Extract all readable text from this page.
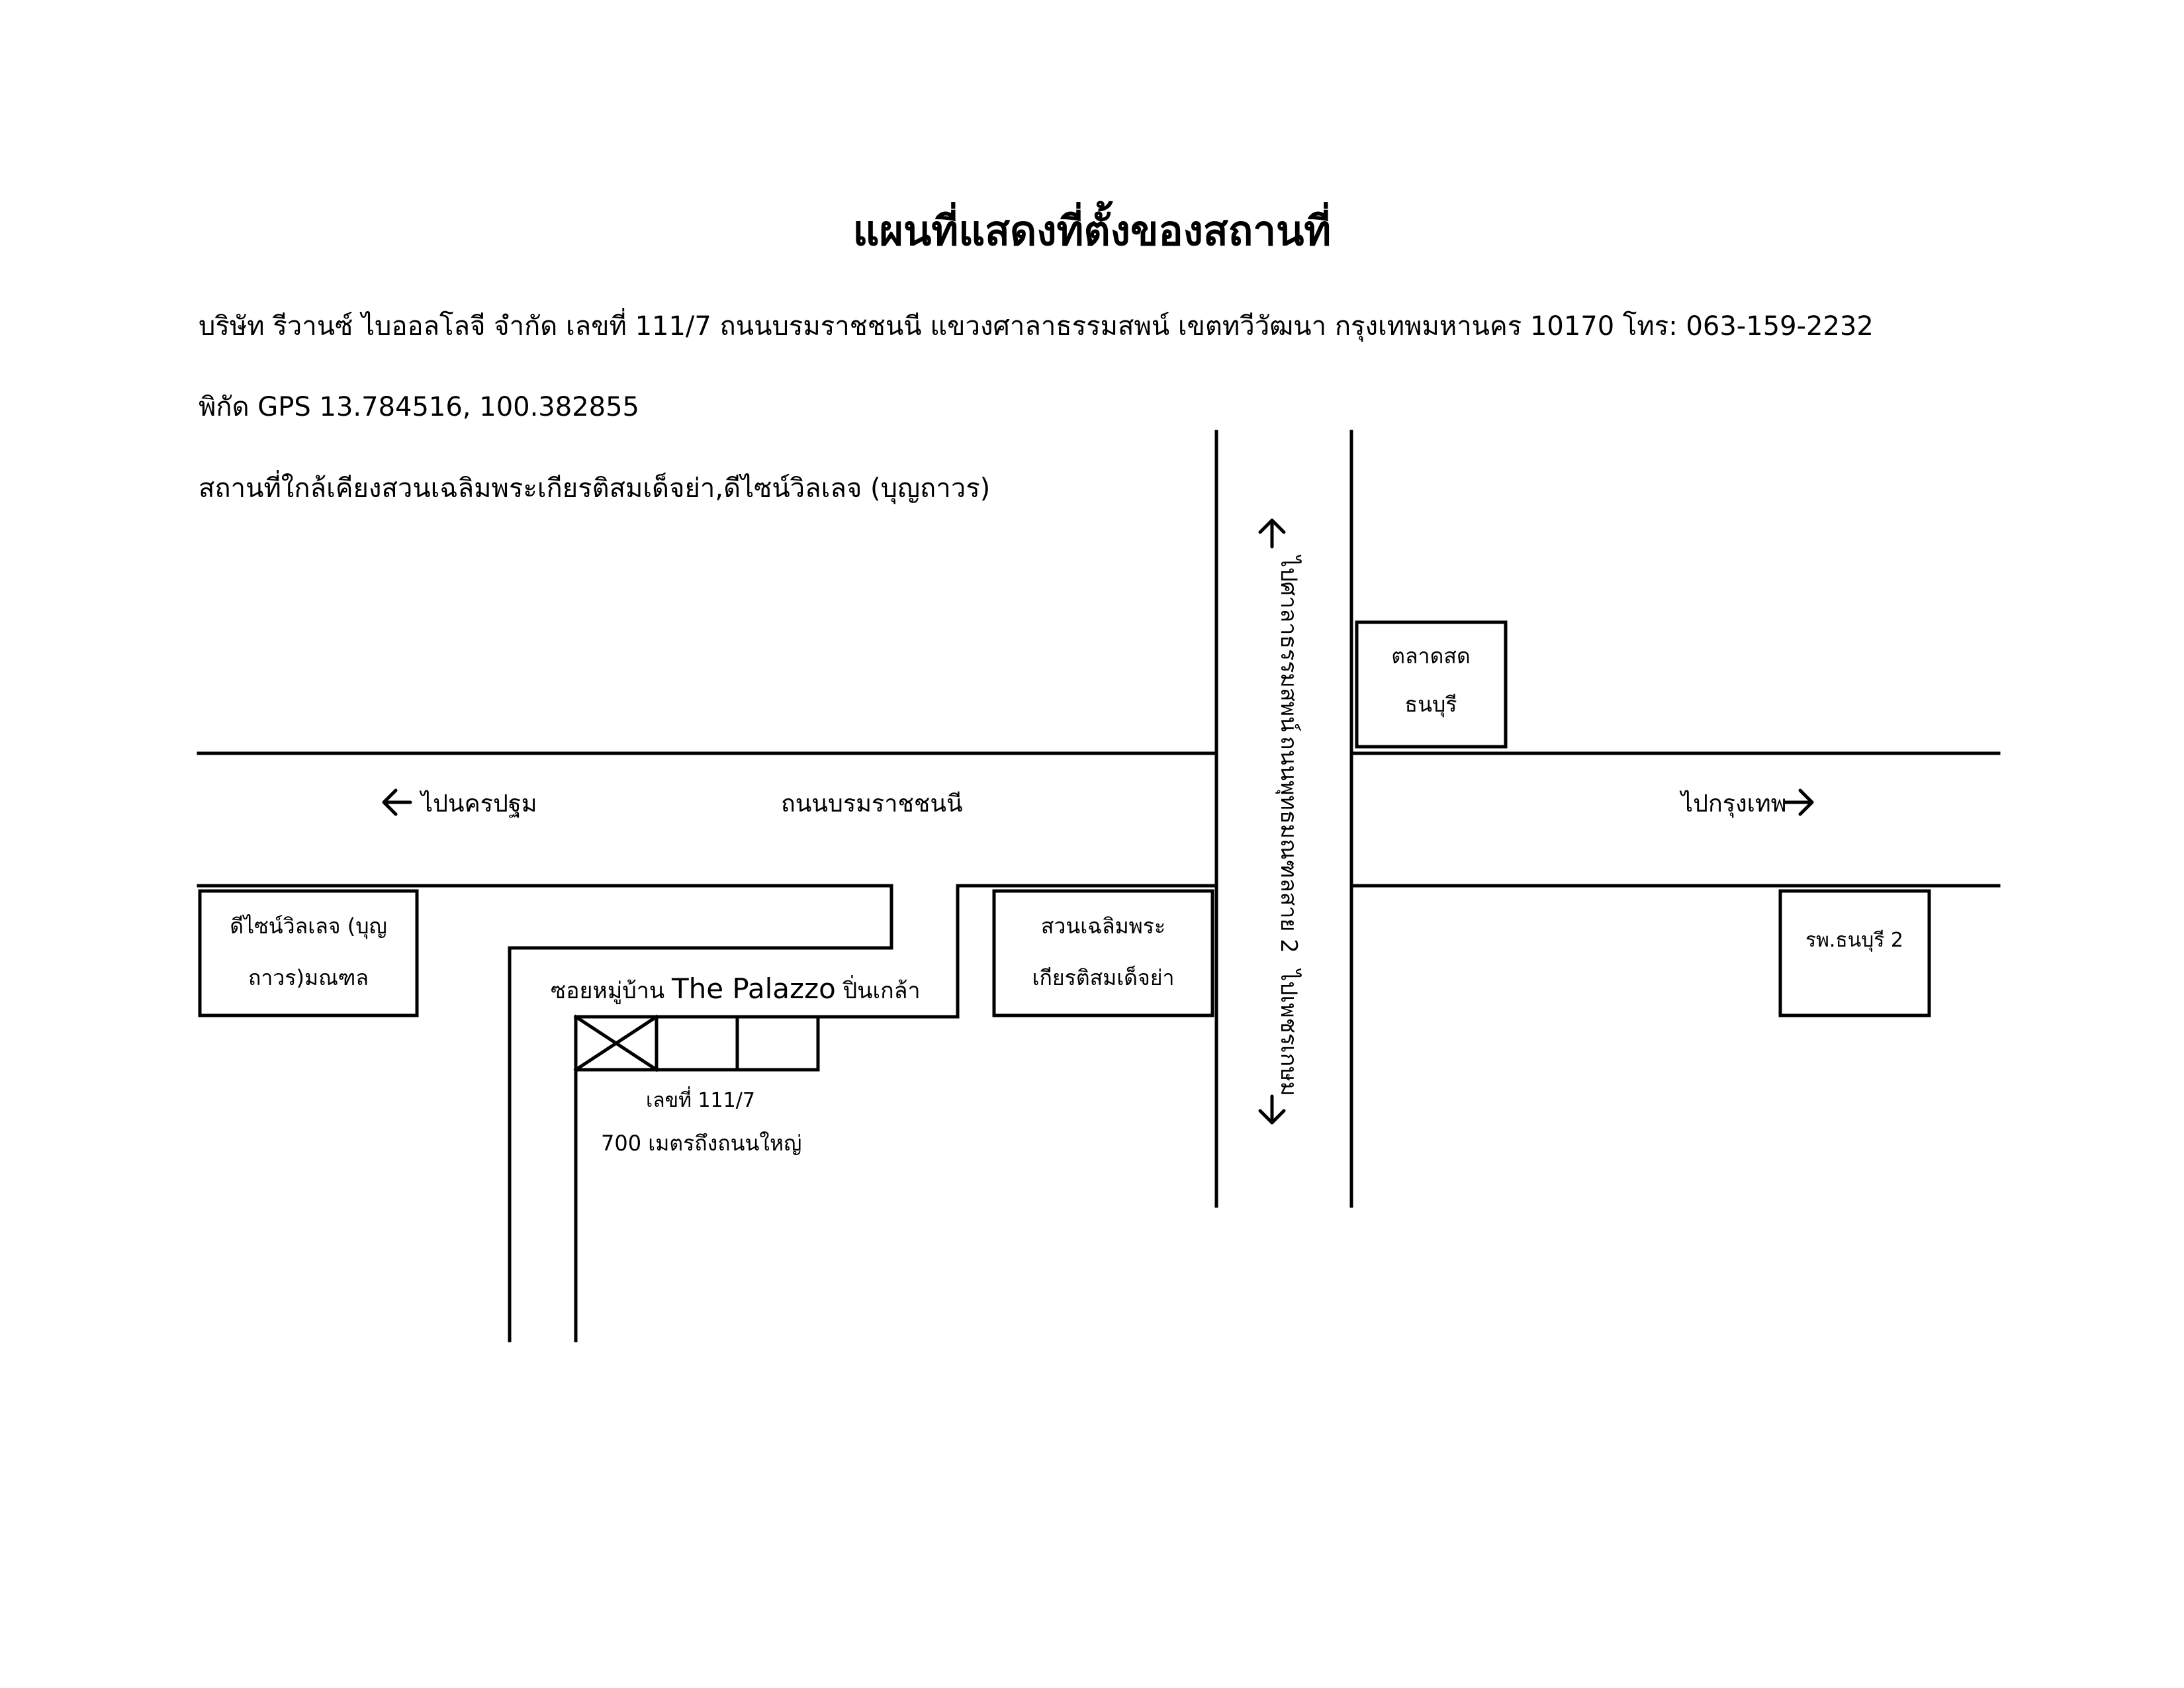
แผนที่แสดงที่ตั้งของสถานที่
บริษัท รีวานซ์ ไบออลโลจี จำกัด เลขที่ 111/7 ถนนบรมราชชนนี แขวงศาลาธรรมสพน์ เขตทวีวัฒนา กรุงเทพมหานคร 10170 โทร: 063-159-2232
พิกัด GPS 13.784516, 100.382855
สถานที่ใกล้เคียงสวนเฉลิมพระเกียรติสมเด็จย่า,ดีไซน์วิลเลจ (บุญถาวร)
ไปนครปฐม	ถนนบรมราชชนนี	ไปกรุงเทพ
ไปศาลาธรรมสพน์
ถนนพุทธมณฑลสาย 2
ไปเพชรเกษม
ตลาดสด
ธนบุรี
ดีไซน์วิลเลจ (บุญ
ถาวร)มณฑล
สวนเฉลิมพระ
เกียรติสมเด็จย่า
รพ.ธนบุรี 2
ซอยหมู่บ้าน The Palazzo ปิ่นเกล้า
เลขที่ 111/7
700 เมตรถึงถนนใหญ่
